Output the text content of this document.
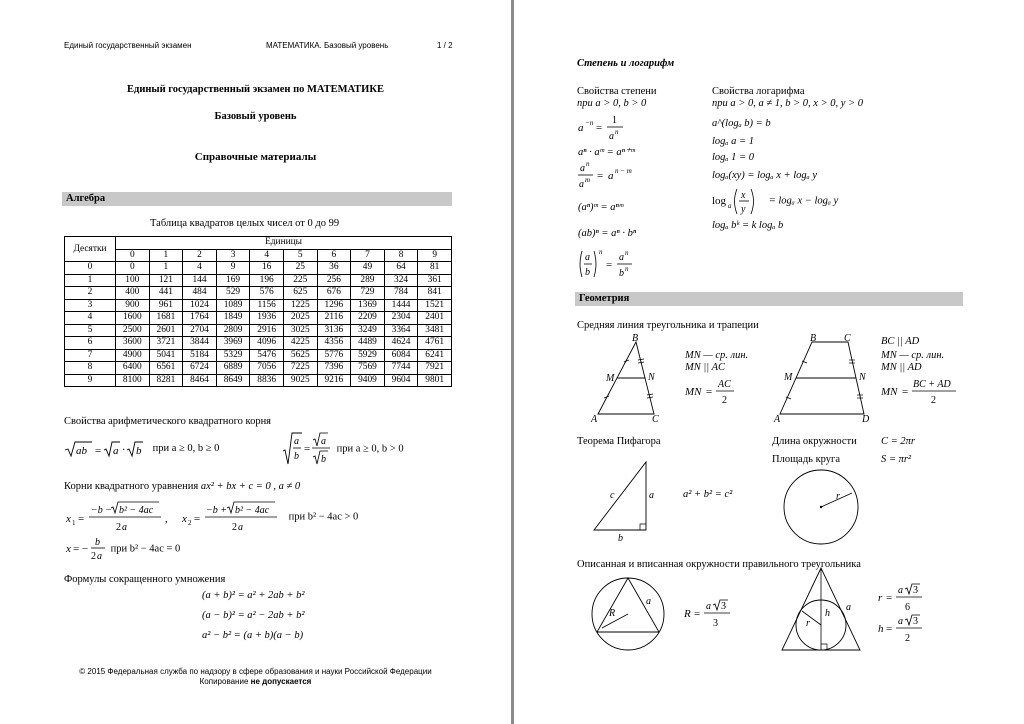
Единый государственный экзамен	МАТЕМАТИКА. Базовый уровень	1 / 2
Единый государственный экзамен по МАТЕМАТИКЕ
Базовый уровень
Справочные материалы
Алгебра
Таблица квадратов целых чисел от 0 до 99
Десятки	Единицы									
	0	1	2	3	4	5	6	7	8	9
0	0	1	4	9	16	25	36	49	64	81
1	100	121	144	169	196	225	256	289	324	361
2	400	441	484	529	576	625	676	729	784	841
3	900	961	1024	1089	1156	1225	1296	1369	1444	1521
4	1600	1681	1764	1849	1936	2025	2116	2209	2304	2401
5	2500	2601	2704	2809	2916	3025	3136	3249	3364	3481
6	3600	3721	3844	3969	4096	4225	4356	4489	4624	4761
7	4900	5041	5184	5329	5476	5625	5776	5929	6084	6241
8	6400	6561	6724	6889	7056	7225	7396	7569	7744	7921
9	8100	8281	8464	8649	8836	9025	9216	9409	9604	9801
Свойства арифметического квадратного корня
ab = a · b при a ≥ 0, b ≥ 0
a
b
=
a
b
при a ≥ 0, b > 0
Корни квадратного уравнения ax² + bx + c = 0 , a ≠ 0
x 1 =
−b − b² − 4ac
2 a
, x 2 =
−b + b² − 4ac
2 a
при b² − 4ac > 0
x = −
b
2 a
при b² − 4ac = 0
Формулы сокращенного умножения
(a + b)² = a² + 2ab + b²
(a − b)² = a² − 2ab + b²
a² − b² = (a + b)(a − b)
© 2015 Федеральная служба по надзору в сфере образования и науки Российской Федерации
Копирование не допускается
Степень и логарифм
Свойства степени
при a > 0, b > 0
a −n =
1
a n
aⁿ · aᵐ = aⁿ⁺ᵐ
a n
a m = a n − m
(aⁿ)ᵐ = aⁿᵐ
(ab)ⁿ = aⁿ · bⁿ
a
b
n
=
a n
b n
Свойства логарифма
при a > 0, a ≠ 1, b > 0, x > 0, y > 0
a^(logₐ b) = b
logₐ a = 1
logₐ 1 = 0
logₐ(xy) = logₐ x + logₐ y
log a
x
y
= logₐ x − logₐ y
logₐ bᵏ = k logₐ b
Геометрия
Средняя линия треугольника и трапеции
B
M	N
A	C
MN — ср. лин.
MN || AC
MN =
AC
2
B	C
M	N
A	D
BC || AD
MN — ср. лин.
MN || AD
MN =
BC + AD
2
Теорема Пифагора
c	a
b
a² + b² = c²
Длина окружности C = 2πr
Площадь круга	S = πr²
r
Описанная и вписанная окружности правильного треугольника
R
a
R =
a 3
3
h
r
a
r =
a 3
6
h =
a 3
2
